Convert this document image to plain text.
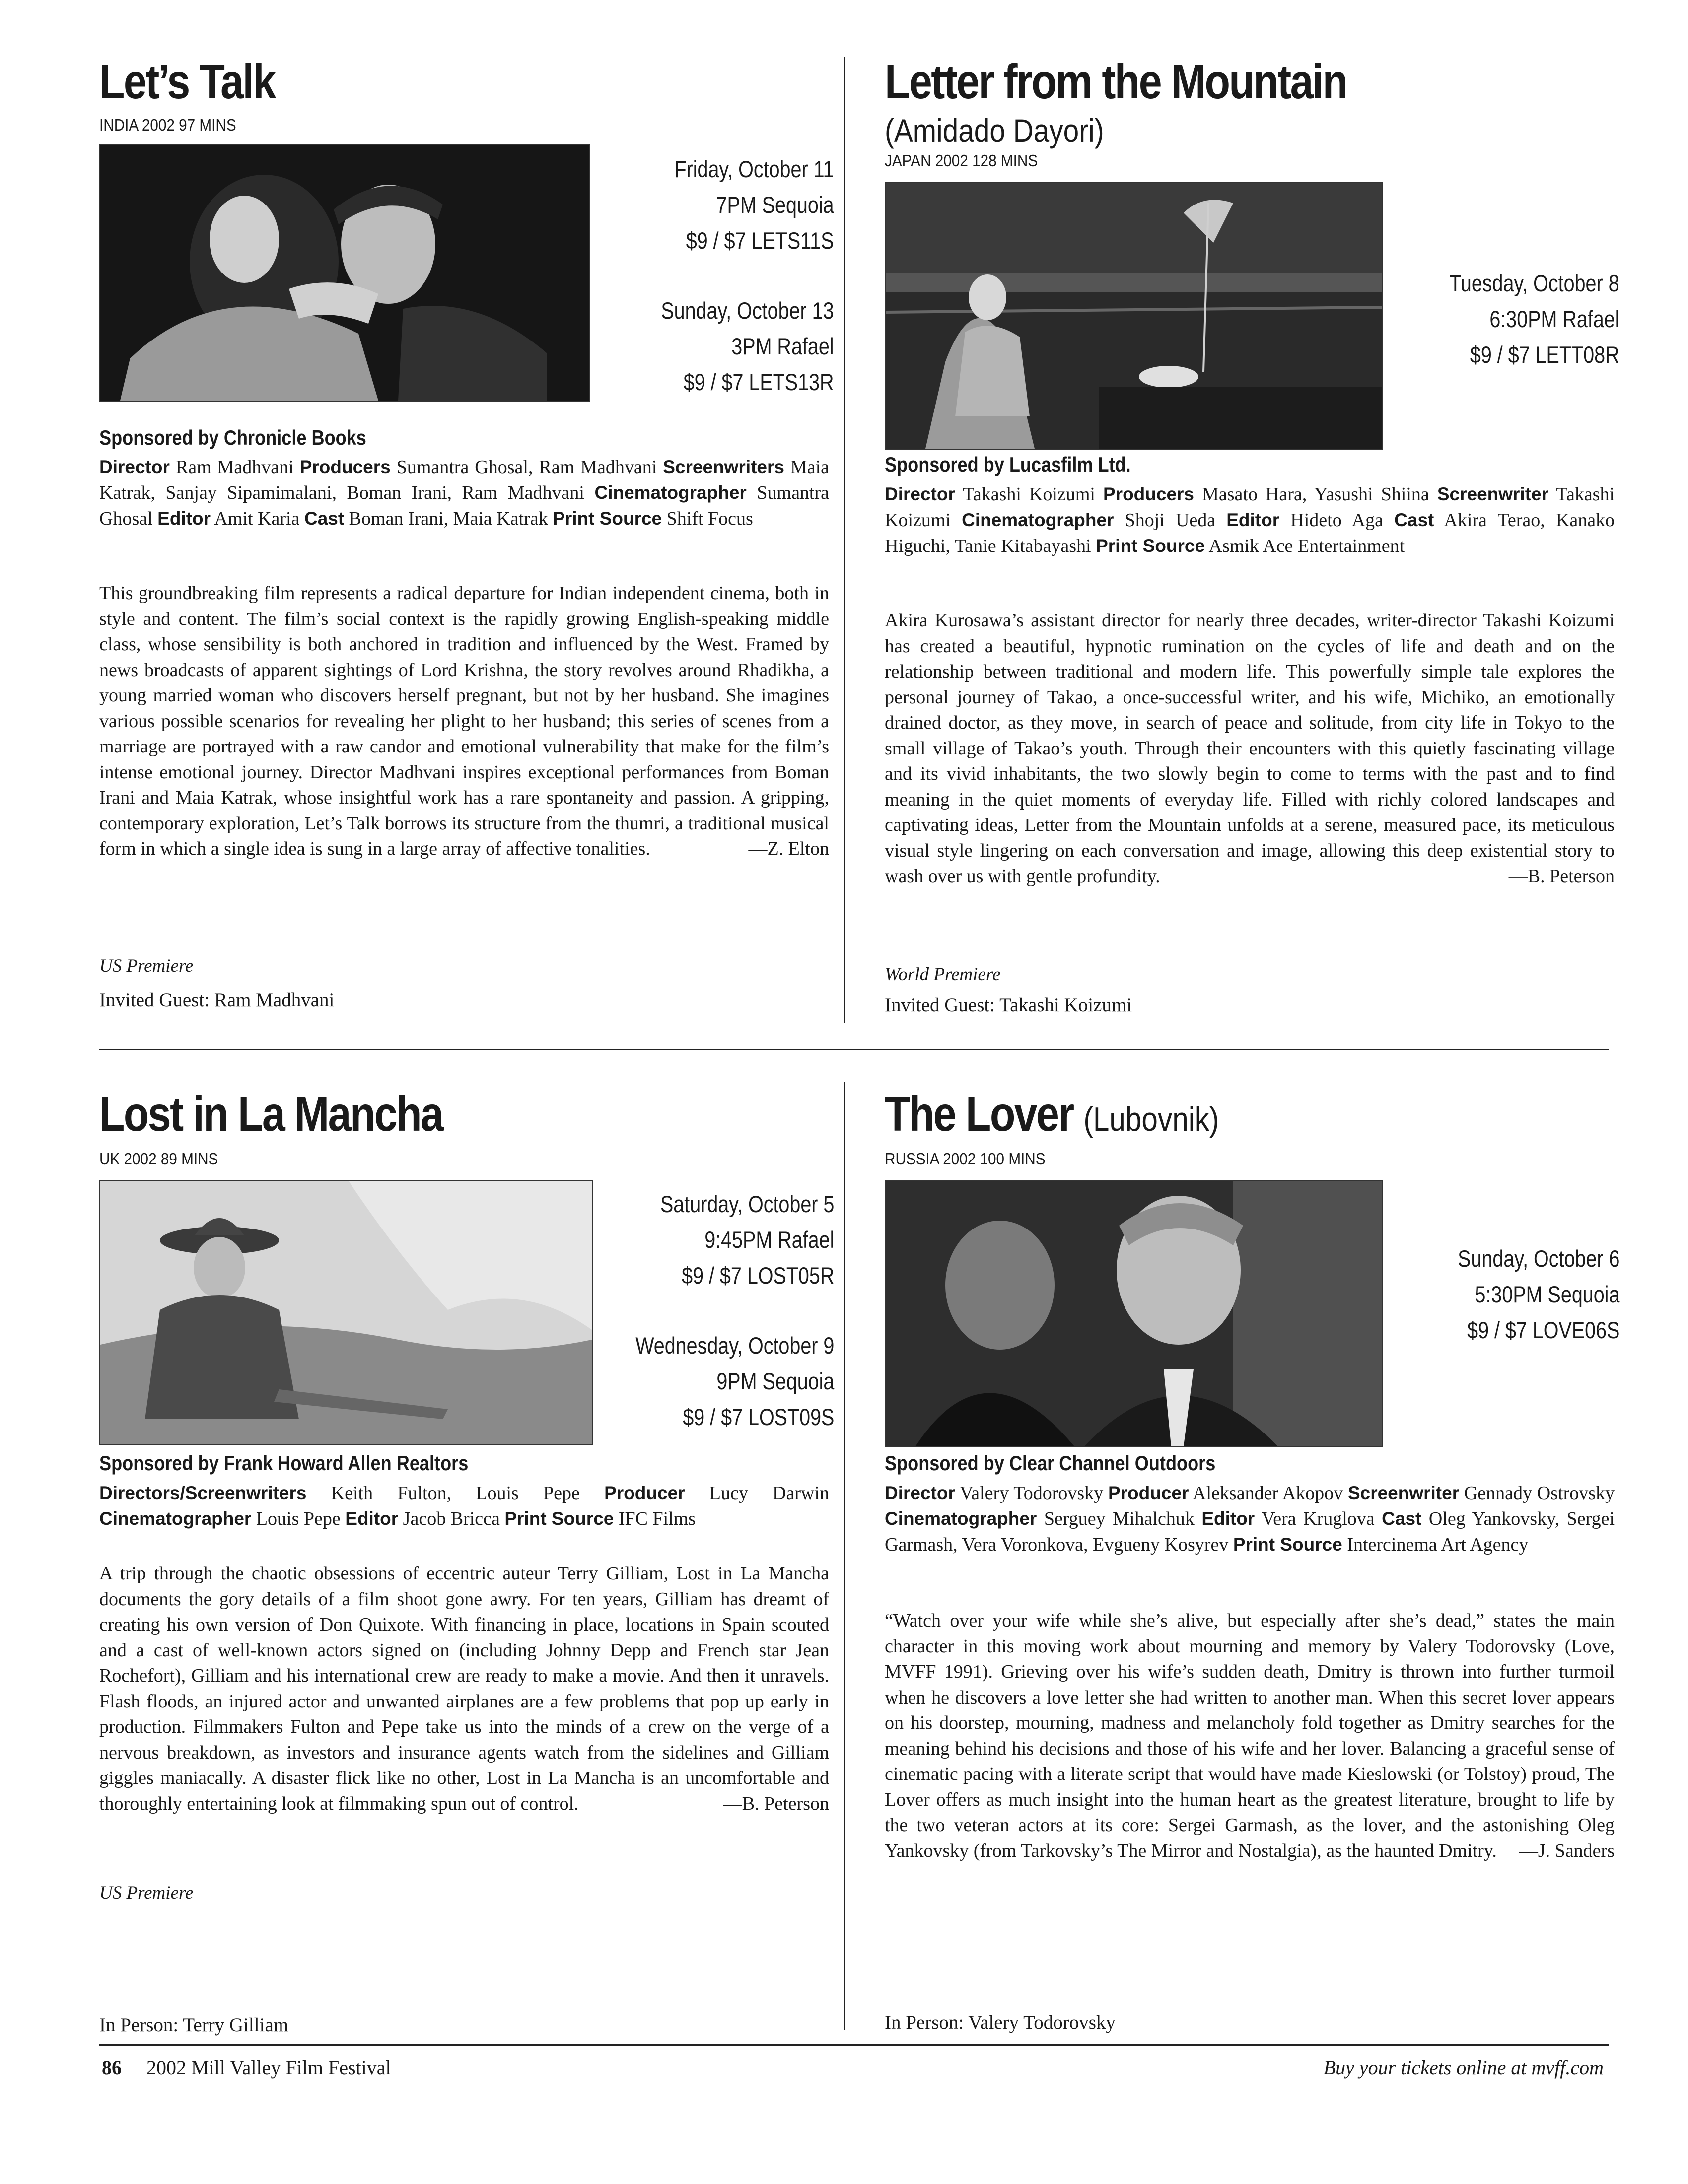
Let’s Talk
INDIA 2002 97 MINS
Friday, October 11
7PM Sequoia
$9 / $7 LETS11S
Sunday, October 13
3PM Rafael
$9 / $7 LETS13R
Sponsored by Chronicle Books
Director Ram Madhvani Producers Sumantra Ghosal, Ram Madhvani Screenwriters Maia Katrak, Sanjay Sipamimalani, Boman Irani, Ram Madhvani Cinematographer Sumantra Ghosal Editor Amit Karia Cast Boman Irani, Maia Katrak Print Source Shift Focus
This groundbreaking film represents a radical departure for Indian independent cinema, both in style and content. The film’s social context is the rapidly growing English-speaking middle class, whose sensibility is both anchored in tradition and influenced by the West. Framed by news broadcasts of apparent sightings of Lord Krishna, the story revolves around Rhadikha, a young married woman who discovers herself pregnant, but not by her husband. She imagines various possible scenarios for revealing her plight to her husband; this series of scenes from a marriage are portrayed with a raw candor and emotional vulnerability that make for the film’s intense emotional journey. Director Madhvani inspires exceptional performances from Boman Irani and Maia Katrak, whose insightful work has a rare spontaneity and passion. A gripping, contemporary exploration, Let’s Talk borrows its structure from the thumri, a traditional musical form in which a single idea is sung in a large array of affective tonalities.	—Z. Elton
US Premiere
Invited Guest: Ram Madhvani
Letter from the Mountain
(Amidado Dayori)
JAPAN 2002 128 MINS
Tuesday, October 8
6:30PM Rafael
$9 / $7 LETT08R
Sponsored by Lucasfilm Ltd.
Director Takashi Koizumi Producers Masato Hara, Yasushi Shiina Screenwriter Takashi Koizumi Cinematographer Shoji Ueda Editor Hideto Aga Cast Akira Terao, Kanako Higuchi, Tanie Kitabayashi Print Source Asmik Ace Entertainment
Akira Kurosawa’s assistant director for nearly three decades, writer-director Takashi Koizumi has created a beautiful, hypnotic rumination on the cycles of life and death and on the relationship between traditional and modern life. This powerfully simple tale explores the personal journey of Takao, a once-successful writer, and his wife, Michiko, an emotionally drained doctor, as they move, in search of peace and solitude, from city life in Tokyo to the small village of Takao’s youth. Through their encounters with this quietly fascinating village and its vivid inhabitants, the two slowly begin to come to terms with the past and to find meaning in the quiet moments of everyday life. Filled with richly colored landscapes and captivating ideas, Letter from the Mountain unfolds at a serene, measured pace, its meticulous visual style lingering on each conversation and image, allowing this deep existential story to wash over us with gentle profundity.	—B. Peterson
World Premiere
Invited Guest: Takashi Koizumi
Lost in La Mancha
UK 2002 89 MINS
Saturday, October 5
9:45PM Rafael
$9 / $7 LOST05R
Wednesday, October 9
9PM Sequoia
$9 / $7 LOST09S
Sponsored by Frank Howard Allen Realtors
Directors/Screenwriters Keith Fulton, Louis Pepe Producer Lucy Darwin Cinematographer Louis Pepe Editor Jacob Bricca Print Source IFC Films
A trip through the chaotic obsessions of eccentric auteur Terry Gilliam, Lost in La Mancha documents the gory details of a film shoot gone awry. For ten years, Gilliam has dreamt of creating his own version of Don Quixote. With financing in place, locations in Spain scouted and a cast of well-known actors signed on (including Johnny Depp and French star Jean Rochefort), Gilliam and his international crew are ready to make a movie. And then it unravels. Flash floods, an injured actor and unwanted airplanes are a few problems that pop up early in production. Filmmakers Fulton and Pepe take us into the minds of a crew on the verge of a nervous breakdown, as investors and insurance agents watch from the sidelines and Gilliam giggles maniacally. A disaster flick like no other, Lost in La Mancha is an uncomfortable and thoroughly entertaining look at filmmaking spun out of control.	—B. Peterson
US Premiere
In Person: Terry Gilliam
The Lover (Lubovnik)
RUSSIA 2002 100 MINS
Sunday, October 6
5:30PM Sequoia
$9 / $7 LOVE06S
Sponsored by Clear Channel Outdoors
Director Valery Todorovsky Producer Aleksander Akopov Screenwriter Gennady Ostrovsky Cinematographer Serguey Mihalchuk Editor Vera Kruglova Cast Oleg Yankovsky, Sergei Garmash, Vera Voronkova, Evgueny Kosyrev Print Source Intercinema Art Agency
“Watch over your wife while she’s alive, but especially after she’s dead,” states the main character in this moving work about mourning and memory by Valery Todorovsky (Love, MVFF 1991). Grieving over his wife’s sudden death, Dmitry is thrown into further turmoil when he discovers a love letter she had written to another man. When this secret lover appears on his doorstep, mourning, madness and melancholy fold together as Dmitry searches for the meaning behind his decisions and those of his wife and her lover. Balancing a graceful sense of cinematic pacing with a literate script that would have made Kieslowski (or Tolstoy) proud, The Lover offers as much insight into the human heart as the greatest literature, brought to life by the two veteran actors at its core: Sergei Garmash, as the lover, and the astonishing Oleg Yankovsky (from Tarkovsky’s The Mirror and Nostalgia), as the haunted Dmitry. —J. Sanders
In Person: Valery Todorovsky
86 2002 Mill Valley Film Festival	Buy your tickets online at mvff.com
